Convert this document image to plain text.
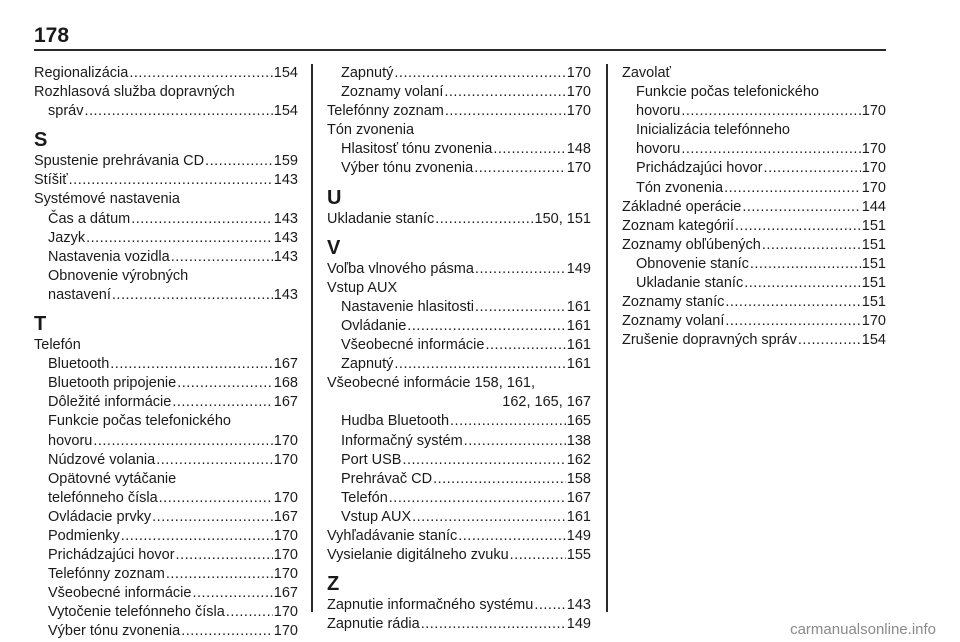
178
Regionalizácia .....	154
Rozhlasová služba dopravných
správ .....	154
S
Spustenie prehrávania CD .....	159
Stíšiť .....	143
Systémové nastavenia
Čas a dátum .....	143
Jazyk .....	143
Nastavenia vozidla .....	143
Obnovenie výrobných
nastavení .....	143
T
Telefón
Bluetooth .....	167
Bluetooth pripojenie .....	168
Dôležité informácie .....	167
Funkcie počas telefonického
hovoru .....	170
Núdzové volania .....	170
Opätovné vytáčanie
telefónneho čísla .....	170
Ovládacie prvky .....	167
Podmienky .....	170
Prichádzajúci hovor .....	170
Telefónny zoznam .....	170
Všeobecné informácie .....	167
Vytočenie telefónneho čísla .....	170
Výber tónu zvonenia .....	170
Zapnutý .....	170
Zoznamy volaní .....	170
Telefónny zoznam .....	170
Tón zvonenia
Hlasitosť tónu zvonenia .....	148
Výber tónu zvonenia .....	170
U
Ukladanie staníc .....	150, 151
V
Voľba vlnového pásma .....	149
Vstup AUX
Nastavenie hlasitosti .....	161
Ovládanie .....	161
Všeobecné informácie .....	161
Zapnutý .....	161
Všeobecné informácie 158, 161,
162, 165, 167
Hudba Bluetooth .....	165
Informačný systém .....	138
Port USB .....	162
Prehrávač CD .....	158
Telefón .....	167
Vstup AUX .....	161
Vyhľadávanie staníc .....	149
Vysielanie digitálneho zvuku .....	155
Z
Zapnutie informačného systému ..... 143
Zapnutie rádia .....	149
Zavolať
Funkcie počas telefonického
hovoru .....	170
Inicializácia telefónneho
hovoru .....	170
Prichádzajúci hovor .....	170
Tón zvonenia .....	170
Základné operácie .....	144
Zoznam kategórií .....	151
Zoznamy obľúbených .....	151
Obnovenie staníc .....	151
Ukladanie staníc .....	151
Zoznamy staníc .....	151
Zoznamy volaní .....	170
Zrušenie dopravných správ .....	154
carmanualsonline.info
